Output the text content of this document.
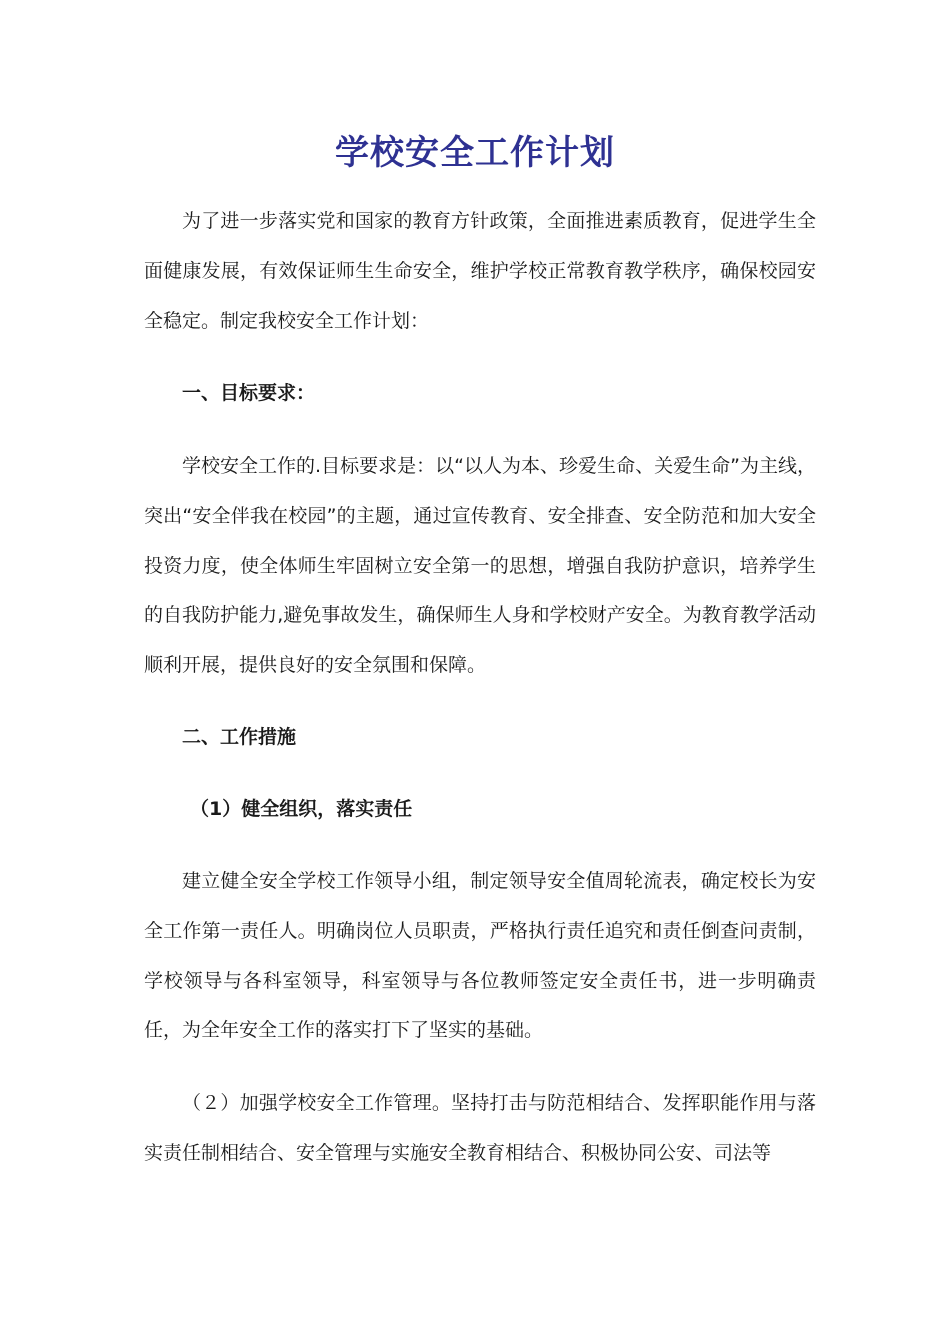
学校安全工作计划

为了进一步落实党和国家的教育方针政策，全面推进素质教育，促进学生全面健康发展，有效保证师生生命安全，维护学校正常教育教学秩序，确保校园安全稳定。制定我校安全工作计划：

一、目标要求：

学校安全工作的.目标要求是：以“以人为本、珍爱生命、关爱生命”为主线，突出“安全伴我在校园”的主题，通过宣传教育、安全排查、安全防范和加大安全投资力度，使全体师生牢固树立安全第一的思想，增强自我防护意识，培养学生的自我防护能力,避免事故发生，确保师生人身和学校财产安全。为教育教学活动顺利开展，提供良好的安全氛围和保障。

二、工作措施

（1）健全组织，落实责任

建立健全安全学校工作领导小组，制定领导安全值周轮流表，确定校长为安全工作第一责任人。明确岗位人员职责，严格执行责任追究和责任倒查问责制，学校领导与各科室领导，科室领导与各位教师签定安全责任书，进一步明确责任，为全年安全工作的落实打下了坚实的基础。

（２）加强学校安全工作管理。坚持打击与防范相结合、发挥职能作用与落实责任制相结合、安全管理与实施安全教育相结合、积极协同公安、司法等
